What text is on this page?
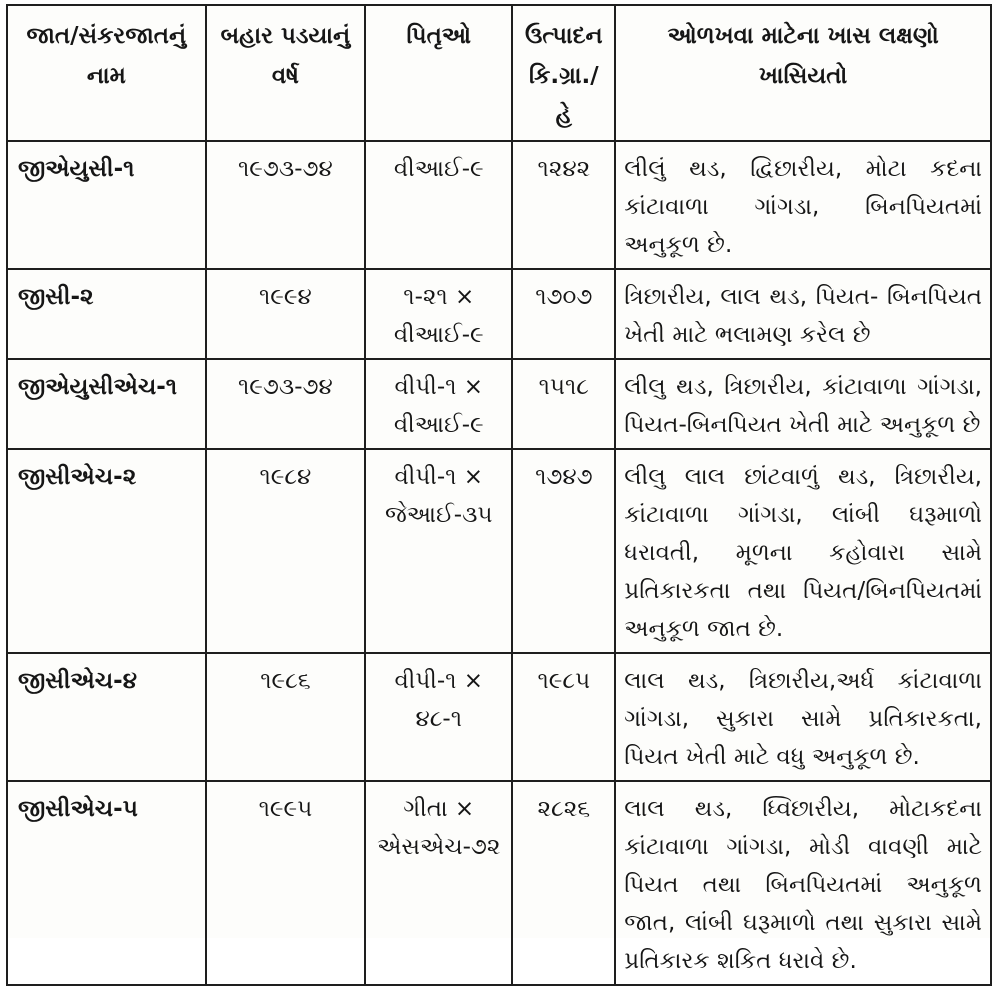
જાત/સંકરજાતનું નામ	બહાર પડયાનું વર્ષ	પિતૃઓ	ઉત્પાદન કિ.ગ્રા./હે	ઓળખવા માટેના ખાસ લક્ષણો ખાસિયતો
જીએયુસી-૧	૧૯૭૩-૭૪	વીઆઈ-૯	૧૨૪૨	લીલું થડ, દ્વિછારીય, મોટા કદના કાંટાવાળા ગાંગડા, બિનપિયતમાં અનુકૂળ છે.
જીસી-૨	૧૯૯૪	૧-૨૧ × વીઆઈ-૯	૧૭૦૭	ત્રિછારીય, લાલ થડ, પિયત- બિનપિયત ખેતી માટે ભલામણ કરેલ છે
જીએયુસીએચ-૧	૧૯૭૩-૭૪	વીપી-૧ × વીઆઈ-૯	૧૫૧૮	લીલુ થડ, ત્રિછારીય, કાંટાવાળા ગાંગડા, પિયત-બિનપિયત ખેતી માટે અનુકૂળ છે
જીસીએચ-૨	૧૯૮૪	વીપી-૧ × જેઆઈ-૩૫	૧૭૪૭	લીલુ લાલ છાંટવાળું થડ, ત્રિછારીય, કાંટાવાળા ગાંગડા, લાંબી ઘરૂમાળો ધરાવતી, મૂળના કહોવારા સામે પ્રતિકારકતા તથા પિયત/બિનપિયતમાં અનુકૂળ જાત છે.
જીસીએચ-૪	૧૯૮૬	વીપી-૧ × ૪૮-૧	૧૯૮૫	લાલ થડ, ત્રિછારીય,અર્ધ કાંટાવાળા ગાંગડા, સુકારા સામે પ્રતિકારકતા, પિયત ખેતી માટે વધુ અનુકૂળ છે.
જીસીએચ-૫	૧૯૯૫	ગીતા × એસએચ-૭૨	૨૮૨૬	લાલ થડ, ધ્વિછારીય, મોટાકદના કાંટાવાળા ગાંગડા, મોડી વાવણી માટે પિયત તથા બિનપિયતમાં અનુકૂળ જાત, લાંબી ઘરૂમાળો તથા સુકારા સામે પ્રતિકારક શકિત ધરાવે છે.
